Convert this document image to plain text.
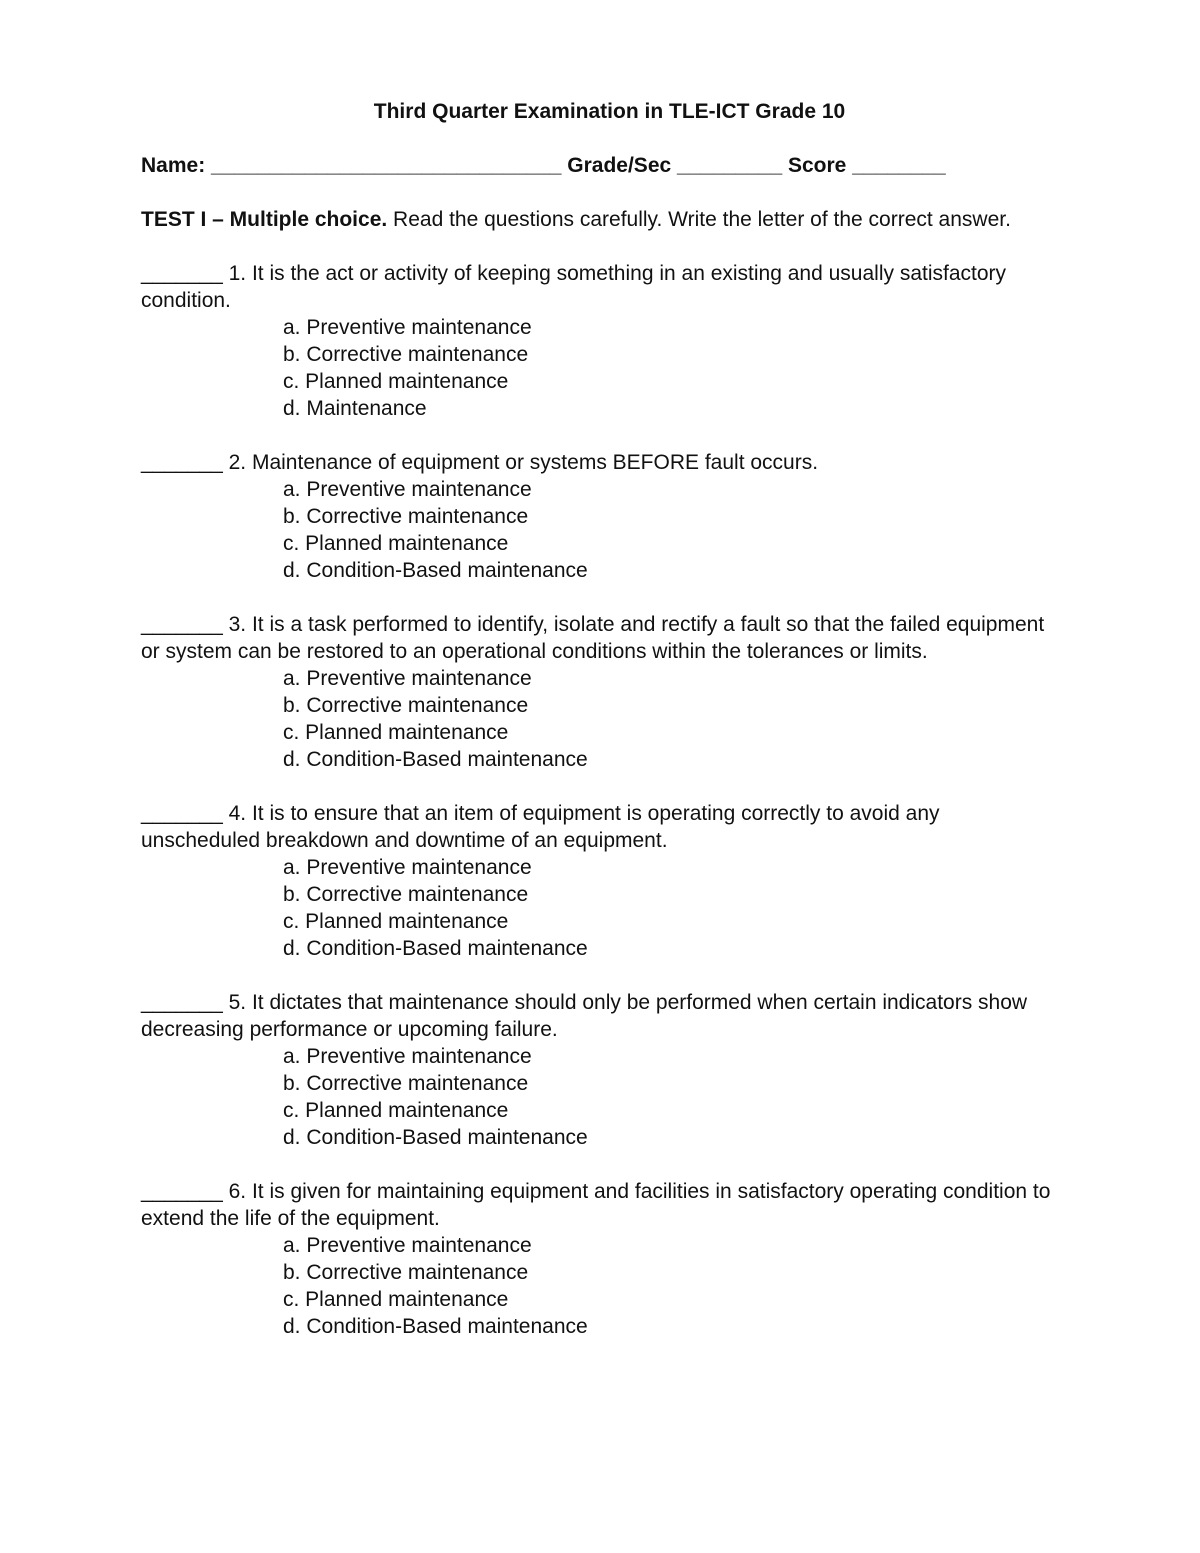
Third Quarter Examination in TLE-ICT Grade 10
Name: ______________________________ Grade/Sec _________ Score ________
TEST I – Multiple choice. Read the questions carefully. Write the letter of the correct answer.

_______ 1. It is the act or activity of keeping something in an existing and usually satisfactory condition.

a. Preventive maintenance
b. Corrective maintenance
c. Planned maintenance
d. Maintenance

_______ 2. Maintenance of equipment or systems BEFORE fault occurs.

a. Preventive maintenance
b. Corrective maintenance
c. Planned maintenance
d. Condition-Based maintenance

_______ 3. It is a task performed to identify, isolate and rectify a fault so that the failed equipment or system can be restored to an operational conditions within the tolerances or limits.

a. Preventive maintenance
b. Corrective maintenance
c. Planned maintenance
d. Condition-Based maintenance

_______ 4. It is to ensure that an item of equipment is operating correctly to avoid any unscheduled breakdown and downtime of an equipment.

a. Preventive maintenance
b. Corrective maintenance
c. Planned maintenance
d. Condition-Based maintenance

_______ 5. It dictates that maintenance should only be performed when certain indicators show decreasing performance or upcoming failure.

a. Preventive maintenance
b. Corrective maintenance
c. Planned maintenance
d. Condition-Based maintenance

_______ 6. It is given for maintaining equipment and facilities in satisfactory operating condition to extend the life of the equipment.

a. Preventive maintenance
b. Corrective maintenance
c. Planned maintenance
d. Condition-Based maintenance
